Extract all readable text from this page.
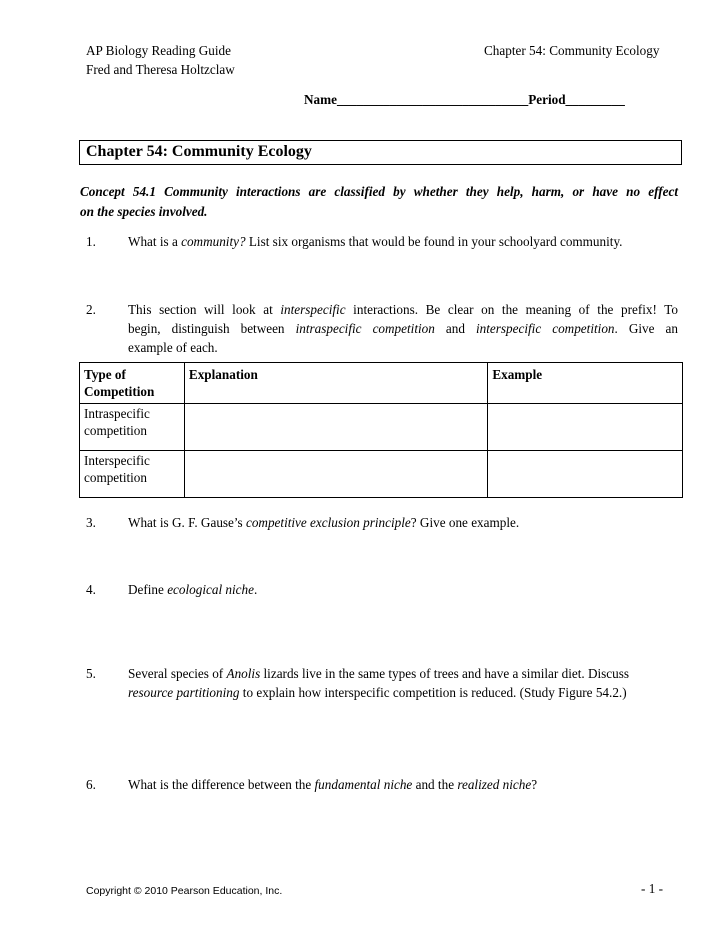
AP Biology Reading Guide
Fred and Theresa Holtzclaw
Chapter 54: Community Ecology
Name_____________________________Period_________
Chapter 54: Community Ecology
Concept 54.1 Community interactions are classified by whether they help, harm, or have no effect
on the species involved.
1. What is a community? List six organisms that would be found in your schoolyard community.
2. This section will look at interspecific interactions. Be clear on the meaning of the prefix! To
begin, distinguish between intraspecific competition and interspecific competition. Give an
example of each.
Type of Competition	Explanation	Example
Intraspecific competition		
Interspecific competition		
3. What is G. F. Gause’s competitive exclusion principle? Give one example.
4. Define ecological niche.
5. Several species of Anolis lizards live in the same types of trees and have a similar diet. Discuss
resource partitioning to explain how interspecific competition is reduced. (Study Figure 54.2.)
6. What is the difference between the fundamental niche and the realized niche?
Copyright © 2010 Pearson Education, Inc.	- 1 -
